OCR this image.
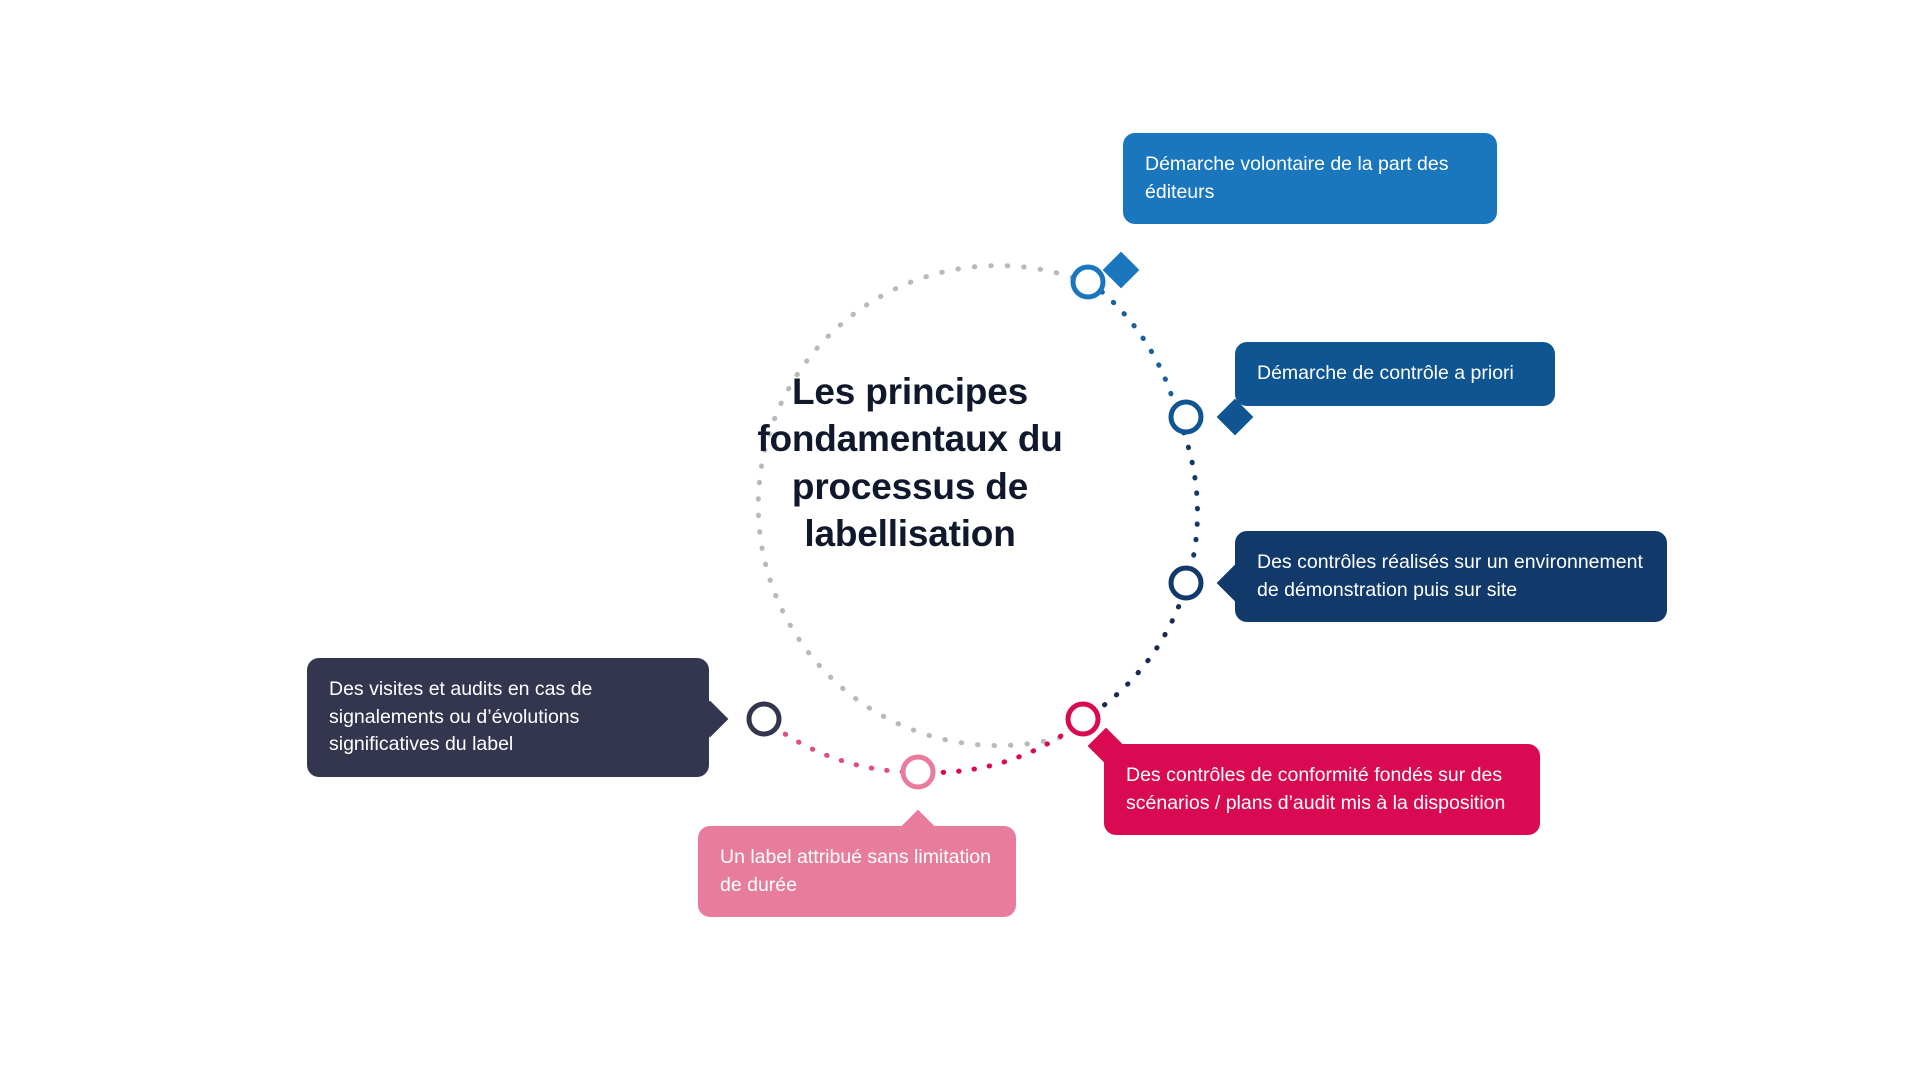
Les principes fondamentaux du processus de labellisation
Démarche volontaire de la part des éditeurs
Démarche de contrôle a priori
Des contrôles réalisés sur un environnement de démonstration puis sur site
Des contrôles de conformité fondés sur des scénarios / plans d’audit mis à la disposition
Un label attribué sans limitation de durée
Des visites et audits en cas de signalements ou d’évolutions significatives du label
